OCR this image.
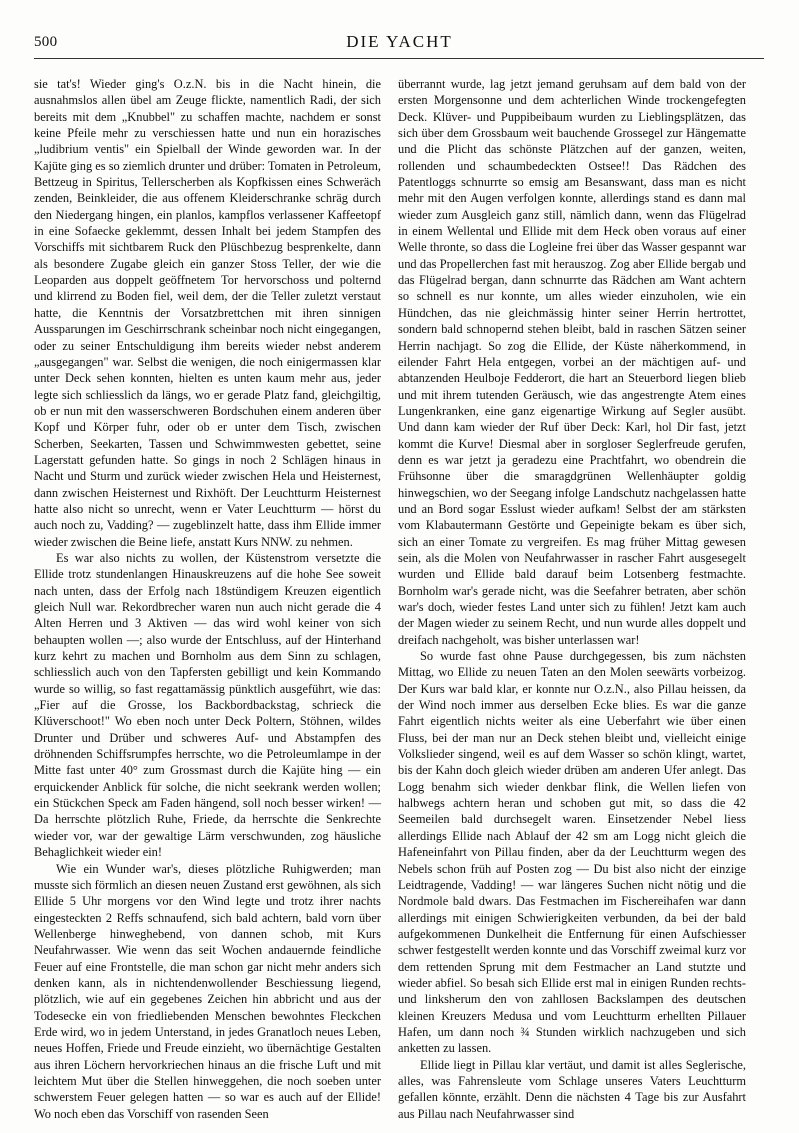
500	DIE YACHT

sie tat's! Wieder ging's O.z.N. bis in die Nacht hinein, die ausnahmslos allen übel am Zeuge flickte, namentlich Radi, der sich bereits mit dem „Knubbel" zu schaffen machte, nachdem er sonst keine Pfeile mehr zu verschiessen hatte und nun ein horazisches „ludibrium ventis" ein Spielball der Winde geworden war. In der Kajüte ging es so ziemlich drunter und drüber: Tomaten in Petroleum, Bettzeug in Spiritus, Tellerscherben als Kopfkissen eines Schweräch zenden, Beinkleider, die aus offenem Kleiderschranke schräg durch den Niedergang hingen, ein planlos, kampflos verlassener Kaffeetopf in eine Sofaecke geklemmt, dessen Inhalt bei jedem Stampfen des Vorschiffs mit sichtbarem Ruck den Plüschbezug besprenkelte, dann als besondere Zugabe gleich ein ganzer Stoss Teller, der wie die Leoparden aus doppelt geöffnetem Tor hervorschoss und polternd und klirrend zu Boden fiel, weil dem, der die Teller zuletzt verstaut hatte, die Kenntnis der Vorsatzbrettchen mit ihren sinnigen Aussparungen im Geschirrschrank scheinbar noch nicht eingegangen, oder zu seiner Entschuldigung ihm bereits wieder nebst anderem „ausgegangen" war. Selbst die wenigen, die noch einigermassen klar unter Deck sehen konnten, hielten es unten kaum mehr aus, jeder legte sich schliesslich da längs, wo er gerade Platz fand, gleichgiltig, ob er nun mit den wasserschweren Bordschuhen einem anderen über Kopf und Körper fuhr, oder ob er unter dem Tisch, zwischen Scherben, Seekarten, Tassen und Schwimmwesten gebettet, seine Lagerstatt gefunden hatte. So gings in noch 2 Schlägen hinaus in Nacht und Sturm und zurück wieder zwischen Hela und Heisternest, dann zwischen Heisternest und Rixhöft. Der Leuchtturm Heisternest hatte also nicht so unrecht, wenn er Vater Leuchtturm — hörst du auch noch zu, Vadding? — zugeblinzelt hatte, dass ihm Ellide immer wieder zwischen die Beine liefe, anstatt Kurs NNW. zu nehmen.

Es war also nichts zu wollen, der Küstenstrom versetzte die Ellide trotz stundenlangen Hinauskreuzens auf die hohe See soweit nach unten, dass der Erfolg nach 18stündigem Kreuzen eigentlich gleich Null war. Rekordbrecher waren nun auch nicht gerade die 4 Alten Herren und 3 Aktiven — das wird wohl keiner von sich behaupten wollen —; also wurde der Entschluss, auf der Hinterhand kurz kehrt zu machen und Bornholm aus dem Sinn zu schlagen, schliesslich auch von den Tapfersten gebilligt und kein Kommando wurde so willig, so fast regattamässig pünktlich ausgeführt, wie das: „Fier auf die Grosse, los Backbordbackstag, schrieck die Klüverschoot!" Wo eben noch unter Deck Poltern, Stöhnen, wildes Drunter und Drüber und schweres Auf- und Abstampfen des dröhnenden Schiffsrumpfes herrschte, wo die Petroleumlampe in der Mitte fast unter 40° zum Grossmast durch die Kajüte hing — ein erquickender Anblick für solche, die nicht seekrank werden wollen; ein Stückchen Speck am Faden hängend, soll noch besser wirken! — Da herrschte plötzlich Ruhe, Friede, da herrschte die Senkrechte wieder vor, war der gewaltige Lärm verschwunden, zog häusliche Behaglichkeit wieder ein!

Wie ein Wunder war's, dieses plötzliche Ruhigwerden; man musste sich förmlich an diesen neuen Zustand erst gewöhnen, als sich Ellide 5 Uhr morgens vor den Wind legte und trotz ihrer nachts eingesteckten 2 Reffs schnaufend, sich bald achtern, bald vorn über Wellenberge hinweghebend, von dannen schob, mit Kurs Neufahrwasser. Wie wenn das seit Wochen andauernde feindliche Feuer auf eine Frontstelle, die man schon gar nicht mehr anders sich denken kann, als in nichtendenwollender Beschiessung liegend, plötzlich, wie auf ein gegebenes Zeichen hin abbricht und aus der Todesecke ein von friedliebenden Menschen bewohntes Fleckchen Erde wird, wo in jedem Unterstand, in jedes Granatloch neues Leben, neues Hoffen, Friede und Freude einzieht, wo übernächtige Gestalten aus ihren Löchern hervorkriechen hinaus an die frische Luft und mit leichtem Mut über die Stellen hinweggehen, die noch soeben unter schwerstem Feuer gelegen hatten — so war es auch auf der Ellide! Wo noch eben das Vorschiff von rasenden Seen

überrannt wurde, lag jetzt jemand geruhsam auf dem bald von der ersten Morgensonne und dem achterlichen Winde trockengefegten Deck. Klüver- und Puppibeibaum wurden zu Lieblingsplätzen, das sich über dem Grossbaum weit bauchende Grossegel zur Hängematte und die Plicht das schönste Plätzchen auf der ganzen, weiten, rollenden und schaumbedeckten Ostsee!! Das Rädchen des Patentloggs schnurrte so emsig am Besanswant, dass man es nicht mehr mit den Augen verfolgen konnte, allerdings stand es dann mal wieder zum Ausgleich ganz still, nämlich dann, wenn das Flügelrad in einem Wellental und Ellide mit dem Heck oben voraus auf einer Welle thronte, so dass die Logleine frei über das Wasser gespannt war und das Propellerchen fast mit herauszog. Zog aber Ellide bergab und das Flügelrad bergan, dann schnurrte das Rädchen am Want achtern so schnell es nur konnte, um alles wieder einzuholen, wie ein Hündchen, das nie gleichmässig hinter seiner Herrin hertrottet, sondern bald schnopernd stehen bleibt, bald in raschen Sätzen seiner Herrin nachjagt. So zog die Ellide, der Küste näherkommend, in eilender Fahrt Hela entgegen, vorbei an der mächtigen auf- und abtanzenden Heulboje Fedderort, die hart an Steuerbord liegen blieb und mit ihrem tutenden Geräusch, wie das angestrengte Atem eines Lungenkranken, eine ganz eigenartige Wirkung auf Segler ausübt. Und dann kam wieder der Ruf über Deck: Karl, hol Dir fast, jetzt kommt die Kurve! Diesmal aber in sorgloser Seglerfreude gerufen, denn es war jetzt ja geradezu eine Prachtfahrt, wo obendrein die Frühsonne über die smaragdgrünen Wellenhäupter goldig hinwegschien, wo der Seegang infolge Landschutz nachgelassen hatte und an Bord sogar Esslust wieder aufkam! Selbst der am stärksten vom Klabautermann Gestörte und Gepeinigte bekam es über sich, sich an einer Tomate zu vergreifen. Es mag früher Mittag gewesen sein, als die Molen von Neufahrwasser in rascher Fahrt ausgesegelt wurden und Ellide bald darauf beim Lotsenberg festmachte. Bornholm war's gerade nicht, was die Seefahrer betraten, aber schön war's doch, wieder festes Land unter sich zu fühlen! Jetzt kam auch der Magen wieder zu seinem Recht, und nun wurde alles doppelt und dreifach nachgeholt, was bisher unterlassen war!

So wurde fast ohne Pause durchgegessen, bis zum nächsten Mittag, wo Ellide zu neuen Taten an den Molen seewärts vorbeizog. Der Kurs war bald klar, er konnte nur O.z.N., also Pillau heissen, da der Wind noch immer aus derselben Ecke blies. Es war die ganze Fahrt eigentlich nichts weiter als eine Ueberfahrt wie über einen Fluss, bei der man nur an Deck stehen bleibt und, vielleicht einige Volkslieder singend, weil es auf dem Wasser so schön klingt, wartet, bis der Kahn doch gleich wieder drüben am anderen Ufer anlegt. Das Logg benahm sich wieder denkbar flink, die Wellen liefen von halbwegs achtern heran und schoben gut mit, so dass die 42 Seemeilen bald durchsegelt waren. Einsetzender Nebel liess allerdings Ellide nach Ablauf der 42 sm am Logg nicht gleich die Hafeneinfahrt von Pillau finden, aber da der Leuchtturm wegen des Nebels schon früh auf Posten zog — Du bist also nicht der einzige Leidtragende, Vadding! — war längeres Suchen nicht nötig und die Nordmole bald dwars. Das Festmachen im Fischereihafen war dann allerdings mit einigen Schwierigkeiten verbunden, da bei der bald aufgekommenen Dunkelheit die Entfernung für einen Aufschiesser schwer festgestellt werden konnte und das Vorschiff zweimal kurz vor dem rettenden Sprung mit dem Festmacher an Land stutzte und wieder abfiel. So besah sich Ellide erst mal in einigen Runden rechts- und linksherum den von zahllosen Backslampen des deutschen kleinen Kreuzers Medusa und vom Leuchtturm erhellten Pillauer Hafen, um dann noch ¾ Stunden wirklich nachzugeben und sich anketten zu lassen.

Ellide liegt in Pillau klar vertäut, und damit ist alles Seglerische, alles, was Fahrensleute vom Schlage unseres Vaters Leuchtturm gefallen könnte, erzählt. Denn die nächsten 4 Tage bis zur Ausfahrt aus Pillau nach Neufahrwasser sind
